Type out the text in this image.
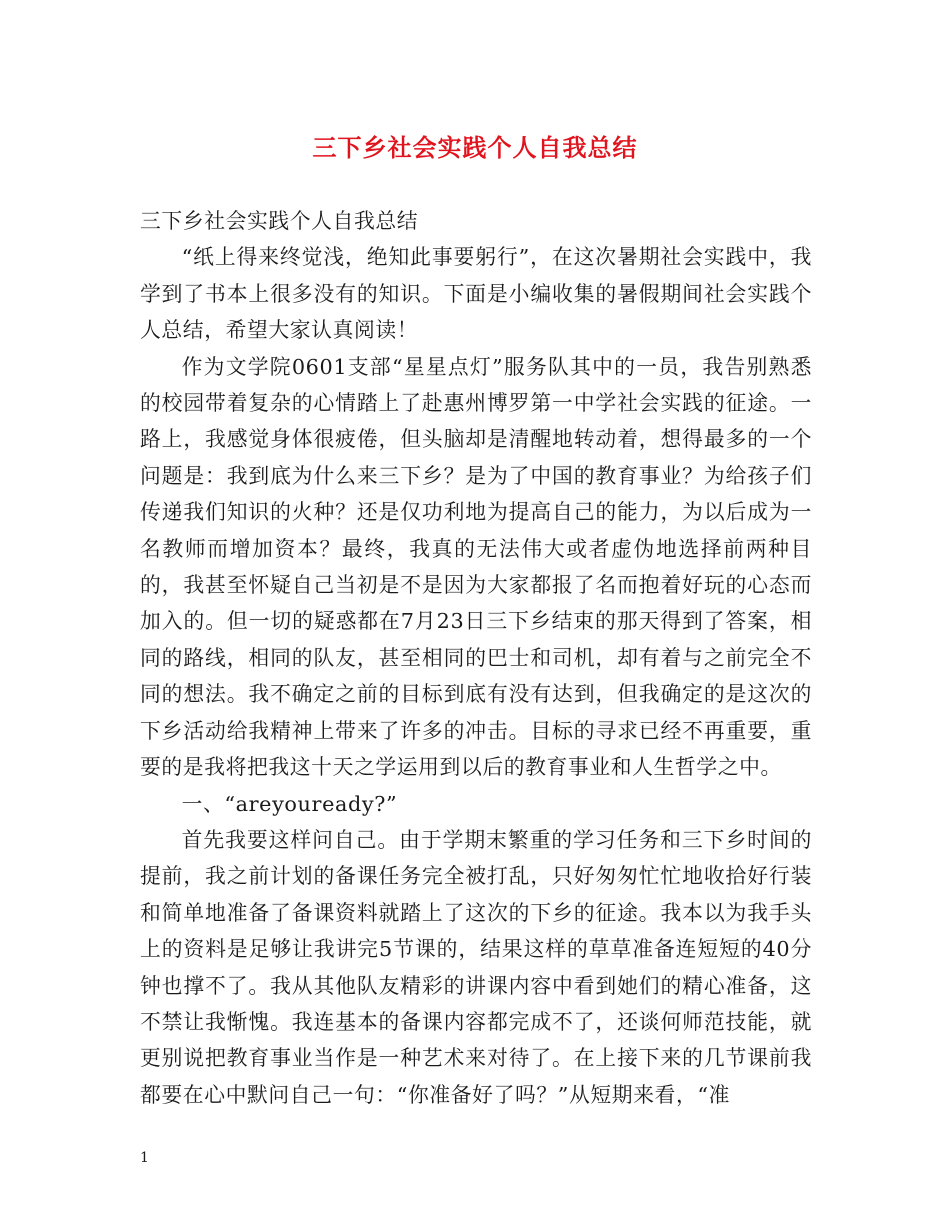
三下乡社会实践个人自我总结

三下乡社会实践个人自我总结

“纸上得来终觉浅，绝知此事要躬行”，在这次暑期社会实践中，我学到了书本上很多没有的知识。下面是小编收集的暑假期间社会实践个人总结，希望大家认真阅读！

作为文学院0601支部“星星点灯”服务队其中的一员，我告别熟悉的校园带着复杂的心情踏上了赴惠州博罗第一中学社会实践的征途。一路上，我感觉身体很疲倦，但头脑却是清醒地转动着，想得最多的一个问题是：我到底为什么来三下乡？是为了中国的教育事业？为给孩子们传递我们知识的火种？还是仅功利地为提高自己的能力，为以后成为一名教师而增加资本？最终，我真的无法伟大或者虚伪地选择前两种目的，我甚至怀疑自己当初是不是因为大家都报了名而抱着好玩的心态而加入的。但一切的疑惑都在7月23日三下乡结束的那天得到了答案，相同的路线，相同的队友，甚至相同的巴士和司机，却有着与之前完全不同的想法。我不确定之前的目标到底有没有达到，但我确定的是这次的下乡活动给我精神上带来了许多的冲击。目标的寻求已经不再重要，重要的是我将把我这十天之学运用到以后的教育事业和人生哲学之中。

一、“areyouready?”

首先我要这样问自己。由于学期末繁重的学习任务和三下乡时间的提前，我之前计划的备课任务完全被打乱，只好匆匆忙忙地收拾好行装和简单地准备了备课资料就踏上了这次的下乡的征途。我本以为我手头上的资料是足够让我讲完5节课的，结果这样的草草准备连短短的40分钟也撑不了。我从其他队友精彩的讲课内容中看到她们的精心准备，这不禁让我惭愧。我连基本的备课内容都完成不了，还谈何师范技能，就更别说把教育事业当作是一种艺术来对待了。在上接下来的几节课前我都要在心中默问自己一句：“你准备好了吗？”从短期来看，“准

1
